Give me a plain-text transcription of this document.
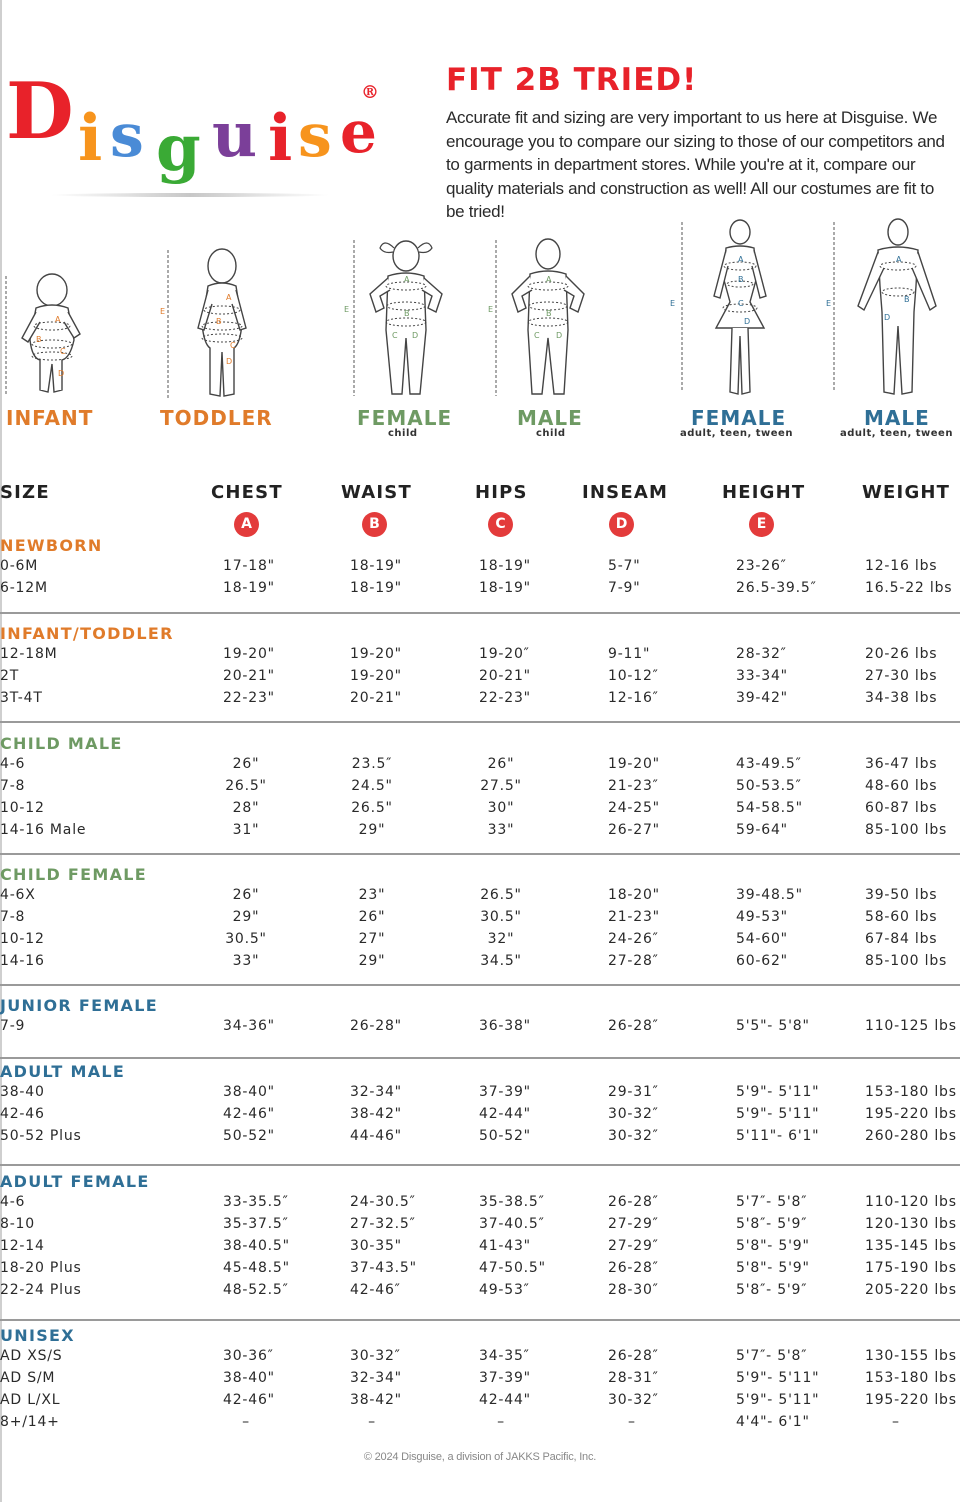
D i s g u i s e
® FIT 2B TRIED!

Accurate fit and sizing are very important to us here at Disguise. We encourage you to compare our sizing to those of our competitors and to garments in department stores. While you're at it, compare our quality materials and construction as well! All our costumes are fit to be tried!

A
B
C
D
E
A
B
C
D
E
A
B
C D
E
A
B
C D
E
A
B
C
D
E
A
B
D
INFANT	TODDLER	FEMALE
child
MALE
child
FEMALE
adult, teen, tween
MALE
adult, teen, tween
SIZE	CHEST	WAIST	HIPS	INSEAM	HEIGHT	WEIGHT
A	B	C	D	E
NEWBORN
0-6M	17-18"	18-19"	18-19"	5-7"	23-26″	12-16 lbs
6-12M	18-19"	18-19"	18-19"	7-9"	26.5-39.5″	16.5-22 lbs
INFANT/TODDLER
12-18M	19-20"	19-20"	19-20″	9-11"	28-32″	20-26 lbs
2T	20-21"	19-20"	20-21"	10-12″	33-34"	27-30 lbs
3T-4T	22-23"	20-21"	22-23"	12-16″	39-42"	34-38 lbs
CHILD MALE
4-6	26"	23.5″	26"	19-20"	43-49.5″	36-47 lbs
7-8	26.5"	24.5"	27.5"	21-23″	50-53.5″	48-60 lbs
10-12	28"	26.5"	30"	24-25"	54-58.5"	60-87 lbs
14-16 Male	31"	29"	33"	26-27"	59-64"	85-100 lbs
CHILD FEMALE
4-6X	26"	23"	26.5"	18-20"	39-48.5"	39-50 lbs
7-8	29"	26"	30.5"	21-23"	49-53"	58-60 lbs
10-12	30.5"	27"	32"	24-26″	54-60"	67-84 lbs
14-16	33"	29"	34.5"	27-28″	60-62"	85-100 lbs
JUNIOR FEMALE
7-9	34-36"	26-28"	36-38"	26-28″	5'5"- 5'8"	110-125 lbs
ADULT MALE
38-40	38-40"	32-34"	37-39"	29-31″	5'9"- 5'11"	153-180 lbs
42-46	42-46"	38-42"	42-44"	30-32″	5'9"- 5'11"	195-220 lbs
50-52 Plus	50-52"	44-46"	50-52"	30-32″	5'11"- 6'1"	260-280 lbs
ADULT FEMALE
4-6	33-35.5″	24-30.5″	35-38.5″	26-28″	5'7″- 5'8″	110-120 lbs
8-10	35-37.5″	27-32.5″	37-40.5″	27-29″	5'8″- 5'9″	120-130 lbs
12-14	38-40.5"	30-35"	41-43"	27-29″	5'8"- 5'9"	135-145 lbs
18-20 Plus	45-48.5"	37-43.5"	47-50.5"	26-28″	5'8"- 5'9"	175-190 lbs
22-24 Plus	48-52.5″	42-46″	49-53″	28-30″	5'8″- 5'9″	205-220 lbs
UNISEX
AD XS/S	30-36″	30-32″	34-35″	26-28″	5'7″- 5'8″	130-155 lbs
AD S/M	38-40"	32-34"	37-39"	28-31″	5'9"- 5'11"	153-180 lbs
AD L/XL	42-46"	38-42"	42-44"	30-32″	5'9"- 5'11"	195-220 lbs
8+/14+	–	–	–	–	4'4"- 6'1"	–
© 2024 Disguise, a division of JAKKS Pacific, Inc.
